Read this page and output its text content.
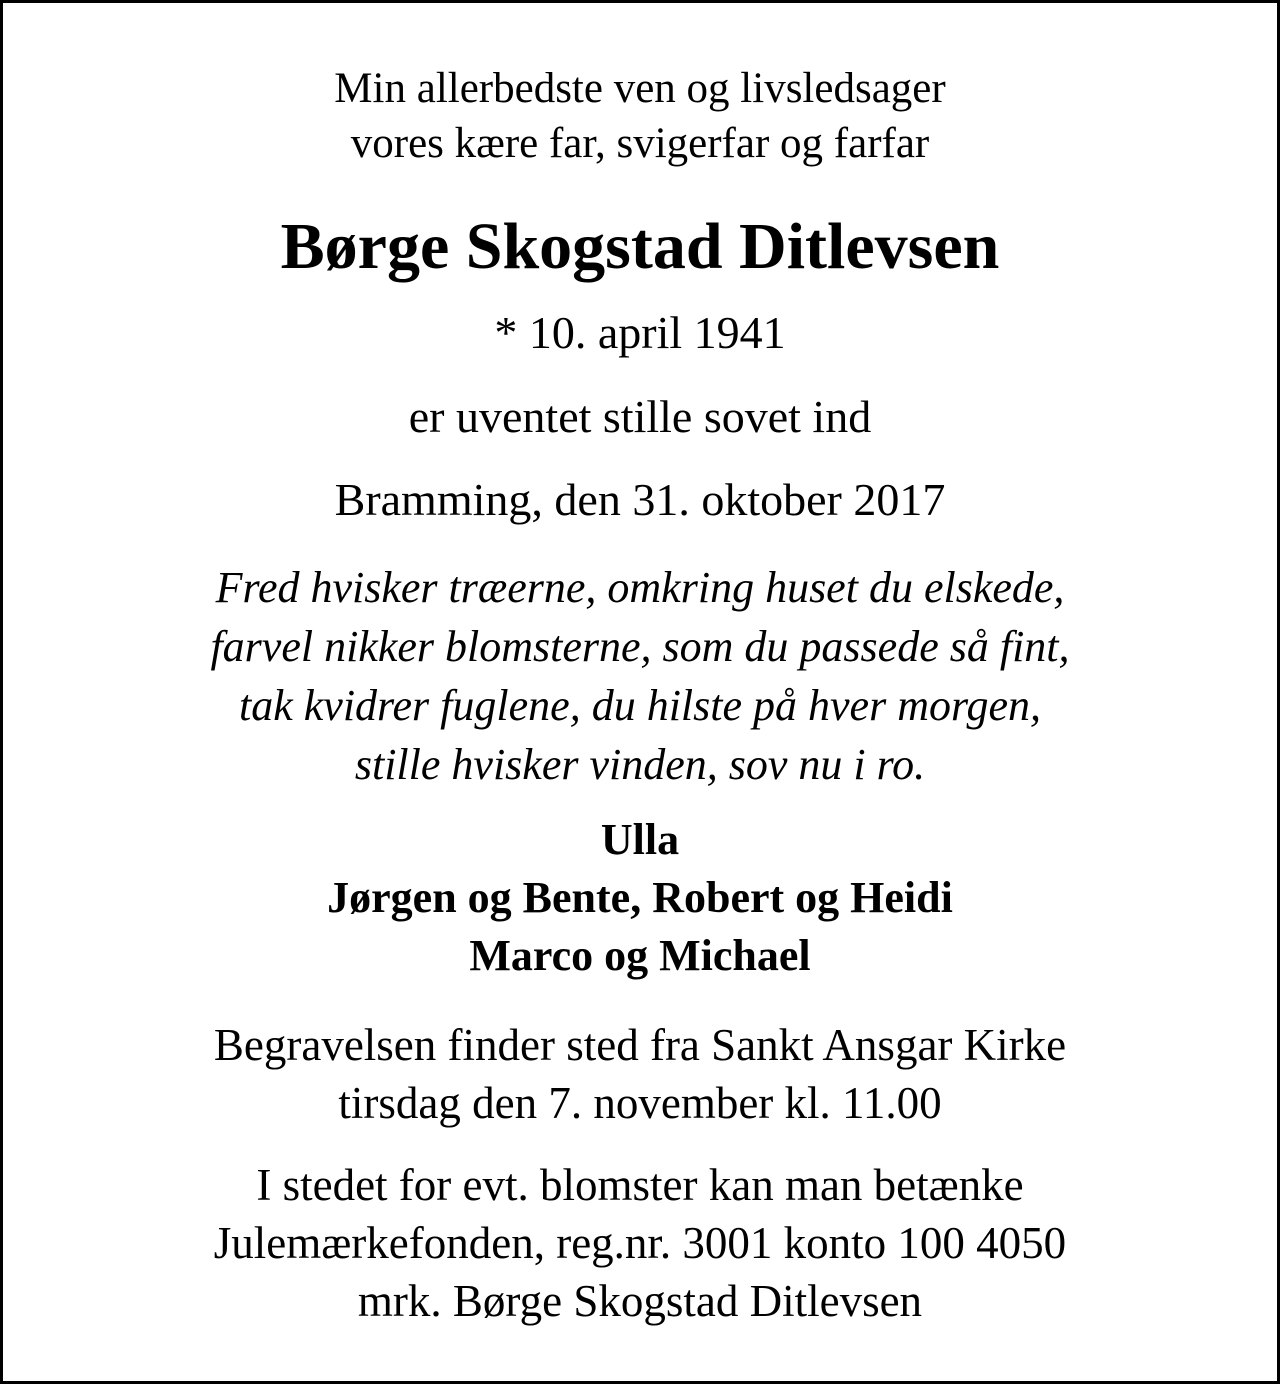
Min allerbedste ven og livsledsager
vores kære far, svigerfar og farfar
Børge Skogstad Ditlevsen
* 10. april 1941
er uventet stille sovet ind
Bramming, den 31. oktober 2017
Fred hvisker træerne, omkring huset du elskede,
farvel nikker blomsterne, som du passede så fint,
tak kvidrer fuglene, du hilste på hver morgen,
stille hvisker vinden, sov nu i ro.
Ulla
Jørgen og Bente, Robert og Heidi
Marco og Michael
Begravelsen finder sted fra Sankt Ansgar Kirke
tirsdag den 7. november kl. 11.00
I stedet for evt. blomster kan man betænke
Julemærkefonden, reg.nr. 3001 konto 100 4050
mrk. Børge Skogstad Ditlevsen
